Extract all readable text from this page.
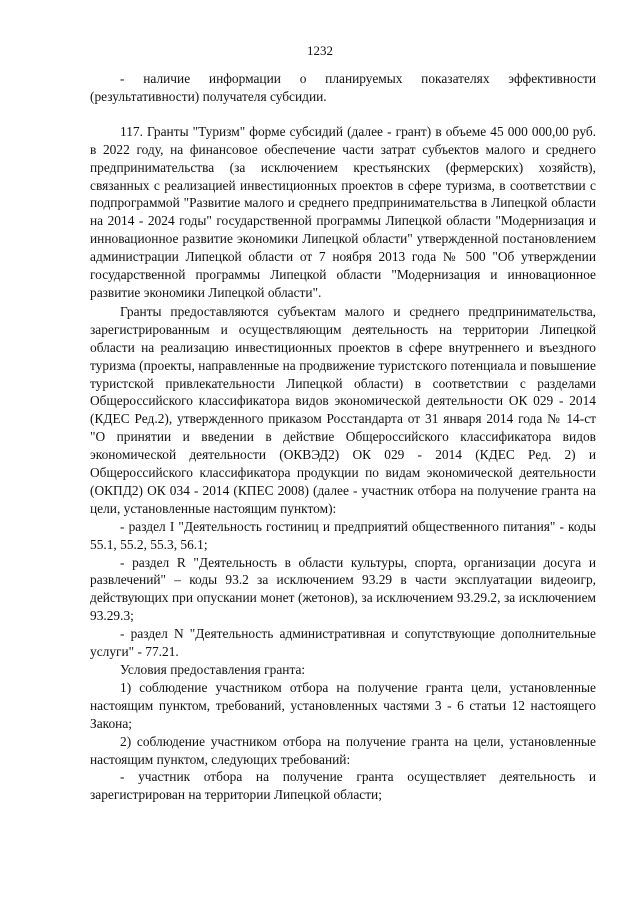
1232

- наличие информации о планируемых показателях эффективности (результативности) получателя субсидии.

117. Гранты "Туризм" форме субсидий (далее - грант) в объеме 45 000 000,00 руб. в 2022 году, на финансовое обеспечение части затрат субъектов малого и среднего предпринимательства (за исключением крестьянских (фермерских) хозяйств), связанных с реализацией инвестиционных проектов в сфере туризма, в соответствии с подпрограммой "Развитие малого и среднего предпринимательства в Липецкой области на 2014 - 2024 годы" государственной программы Липецкой области "Модернизация и инновационное развитие экономики Липецкой области" утвержденной постановлением администрации Липецкой области от 7 ноября 2013 года № 500 "Об утверждении государственной программы Липецкой области "Модернизация и инновационное развитие экономики Липецкой области".

Гранты предоставляются субъектам малого и среднего предпринимательства, зарегистрированным и осуществляющим деятельность на территории Липецкой области на реализацию инвестиционных проектов в сфере внутреннего и въездного туризма (проекты, направленные на продвижение туристского потенциала и повышение туристской привлекательности Липецкой области) в соответствии с разделами Общероссийского классификатора видов экономической деятельности ОК 029 - 2014 (КДЕС Ред.2), утвержденного приказом Росстандарта от 31 января 2014 года № 14-ст "О принятии и введении в действие Общероссийского классификатора видов экономической деятельности (ОКВЭД2) ОК 029 - 2014 (КДЕС Ред. 2) и Общероссийского классификатора продукции по видам экономической деятельности (ОКПД2) ОК 034 - 2014 (КПЕС 2008) (далее - участник отбора на получение гранта на цели, установленные настоящим пунктом):

- раздел I "Деятельность гостиниц и предприятий общественного питания" - коды 55.1, 55.2, 55.3, 56.1;

- раздел R "Деятельность в области культуры, спорта, организации досуга и развлечений" – коды 93.2 за исключением 93.29 в части эксплуатации видеоигр, действующих при опускании монет (жетонов), за исключением 93.29.2, за исключением 93.29.3;

- раздел N "Деятельность административная и сопутствующие дополнительные услуги" - 77.21.

Условия предоставления гранта:

1) соблюдение участником отбора на получение гранта цели, установленные настоящим пунктом, требований, установленных частями 3 - 6 статьи 12 настоящего Закона;

2) соблюдение участником отбора на получение гранта на цели, установленные настоящим пунктом, следующих требований:

- участник отбора на получение гранта осуществляет деятельность и зарегистрирован на территории Липецкой области;
